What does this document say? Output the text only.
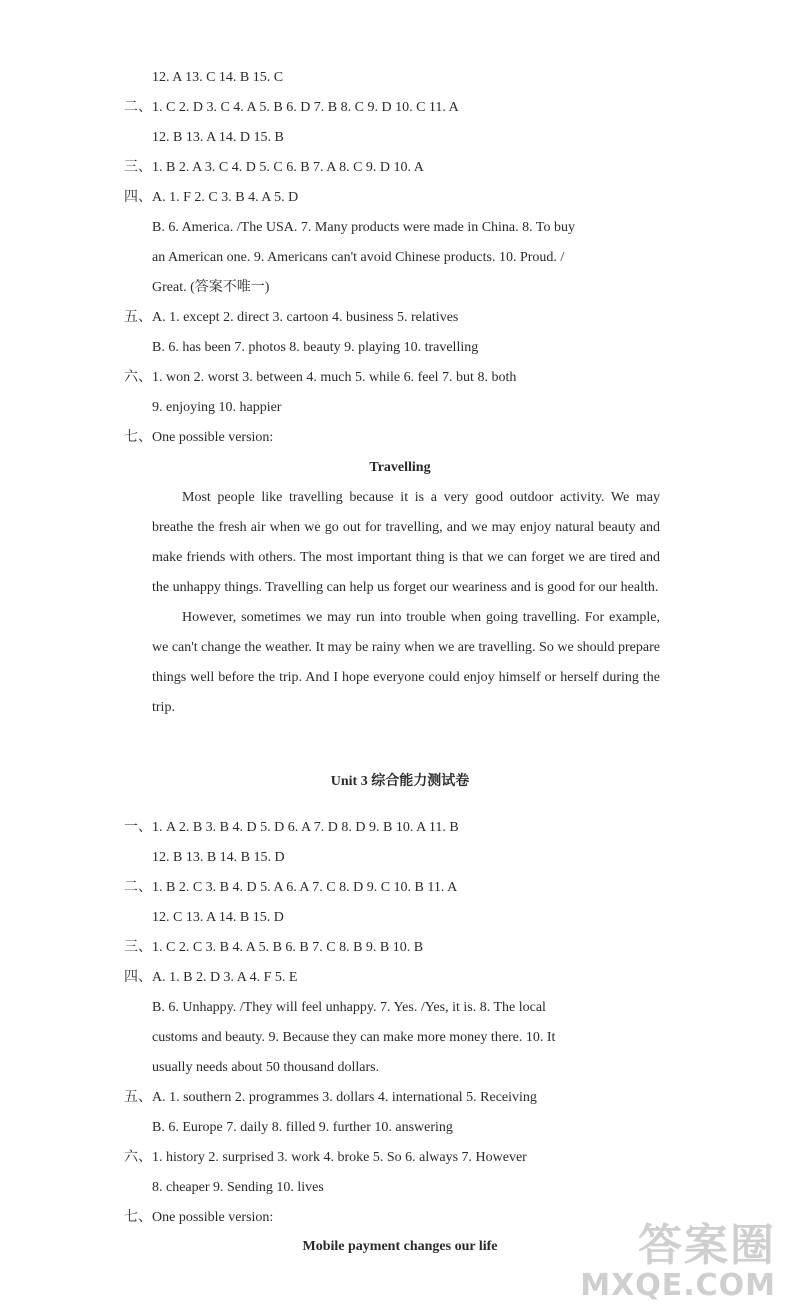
12. A 13. C 14. B 15. C
二、1. C 2. D 3. C 4. A 5. B 6. D 7. B 8. C 9. D 10. C 11. A
12. B 13. A 14. D 15. B
三、1. B 2. A 3. C 4. D 5. C 6. B 7. A 8. C 9. D 10. A
四、A. 1. F 2. C 3. B 4. A 5. D
B. 6. America. /The USA. 7. Many products were made in China. 8. To buy
an American one. 9. Americans can't avoid Chinese products. 10. Proud. /
Great. (答案不唯一)
五、A. 1. except 2. direct 3. cartoon 4. business 5. relatives
B. 6. has been 7. photos 8. beauty 9. playing 10. travelling
六、1. won 2. worst 3. between 4. much 5. while 6. feel 7. but 8. both
9. enjoying 10. happier
七、One possible version:
Travelling
Most people like travelling because it is a very good outdoor activity. We may breathe the fresh air when we go out for travelling, and we may enjoy natural beauty and make friends with others. The most important thing is that we can forget we are tired and the unhappy things. Travelling can help us forget our weariness and is good for our health.
However, sometimes we may run into trouble when going travelling. For example, we can't change the weather. It may be rainy when we are travelling. So we should prepare things well before the trip. And I hope everyone could enjoy himself or herself during the trip.
Unit 3 综合能力测试卷
一、1. A 2. B 3. B 4. D 5. D 6. A 7. D 8. D 9. B 10. A 11. B
12. B 13. B 14. B 15. D
二、1. B 2. C 3. B 4. D 5. A 6. A 7. C 8. D 9. C 10. B 11. A
12. C 13. A 14. B 15. D
三、1. C 2. C 3. B 4. A 5. B 6. B 7. C 8. B 9. B 10. B
四、A. 1. B 2. D 3. A 4. F 5. E
B. 6. Unhappy. /They will feel unhappy. 7. Yes. /Yes, it is. 8. The local
customs and beauty. 9. Because they can make more money there. 10. It
usually needs about 50 thousand dollars.
五、A. 1. southern 2. programmes 3. dollars 4. international 5. Receiving
B. 6. Europe 7. daily 8. filled 9. further 10. answering
六、1. history 2. surprised 3. work 4. broke 5. So 6. always 7. However
8. cheaper 9. Sending 10. lives
七、One possible version:
Mobile payment changes our life	答案圈
MXQE.COM
